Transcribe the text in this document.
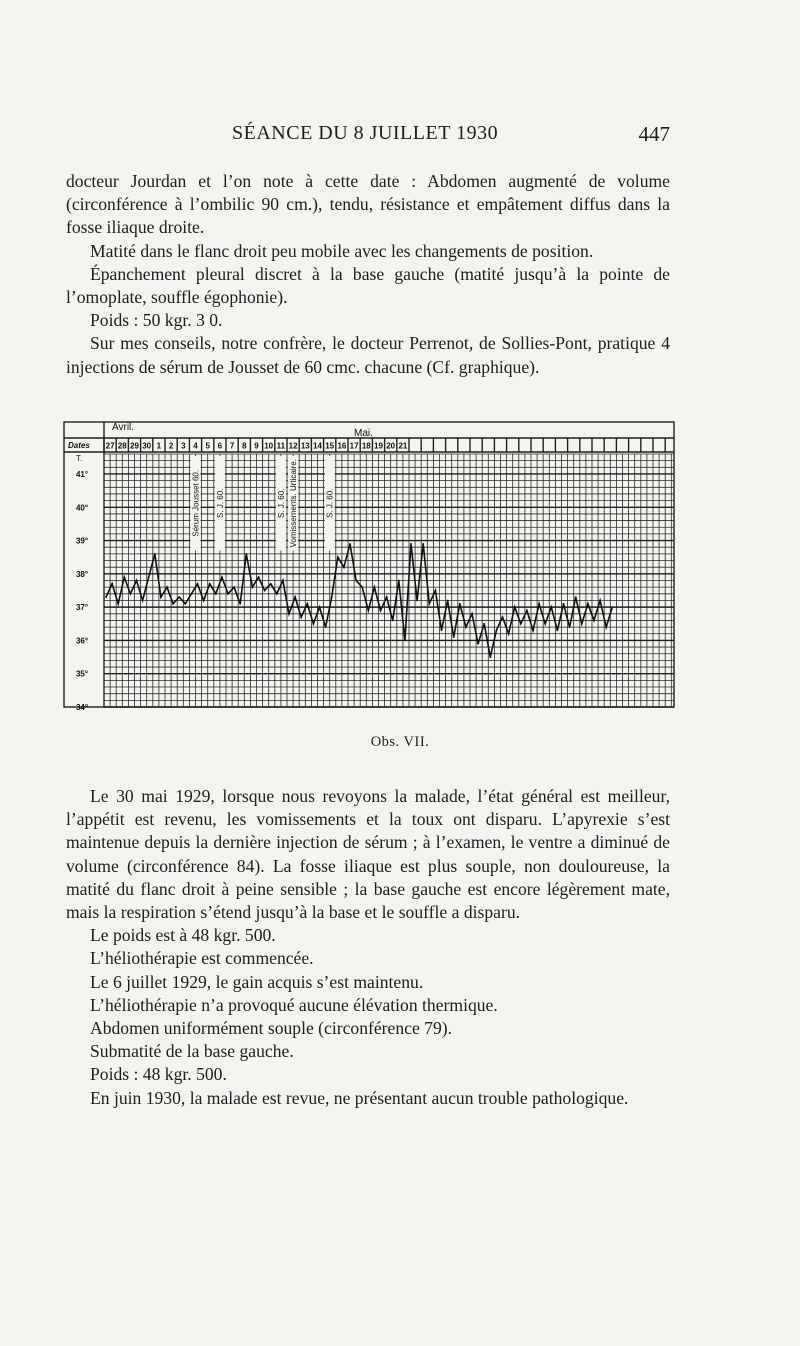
SÉANCE DU 8 JUILLET 1930	447

docteur Jourdan et l’on note à cette date : Abdomen augmenté de volume (circonférence à l’ombilic 90 cm.), tendu, résistance et empâtement diffus dans la fosse iliaque droite.

Matité dans le flanc droit peu mobile avec les changements de position.

Épanchement pleural discret à la base gauche (matité jusqu’à la pointe de l’omoplate, souffle égophonie).

Poids : 50 kgr. 3 0.

Sur mes conseils, notre confrère, le docteur Perrenot, de Sollies-Pont, pratique 4 injections de sérum de Jousset de 60 cmc. chacune (Cf. graphique).

Avril.
Mai.
Dates
T.
27 28 29 30 1 2 3 4 5 6 7 8 9 10 11 12 13 14 15 16 17 18 19 20 21
41°
40°
39°
38°
37°
36°
35°
34°
Sérum Jousset 60. S. J. 60.	S. J. 60. Vomissements. Urticaire.	S. J. 60.
Obs. VII.

Le 30 mai 1929, lorsque nous revoyons la malade, l’état général est meilleur, l’appétit est revenu, les vomissements et la toux ont disparu. L’apyrexie s’est maintenue depuis la dernière injection de sérum ; à l’examen, le ventre a diminué de volume (circonférence 84). La fosse iliaque est plus souple, non douloureuse, la matité du flanc droit à peine sensible ; la base gauche est encore légèrement mate, mais la respiration s’étend jusqu’à la base et le souffle a disparu.

Le poids est à 48 kgr. 500.

L’héliothérapie est commencée.

Le 6 juillet 1929, le gain acquis s’est maintenu.

L’héliothérapie n’a provoqué aucune élévation thermique.

Abdomen uniformément souple (circonférence 79).

Submatité de la base gauche.

Poids : 48 kgr. 500.

En juin 1930, la malade est revue, ne présentant aucun trouble pathologique.
